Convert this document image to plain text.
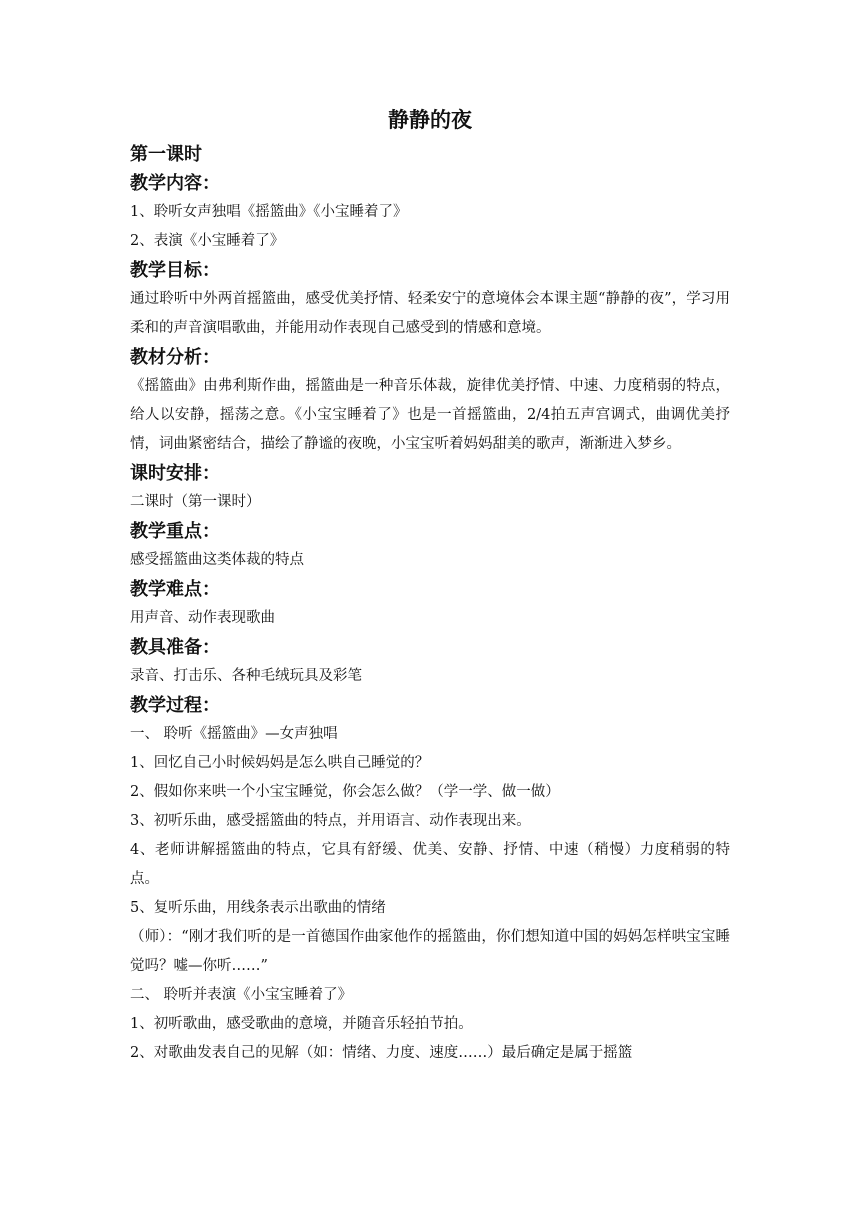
静静的夜
第一课时
教学内容：
1、聆听女声独唱《摇篮曲》《小宝睡着了》
2、表演《小宝睡着了》
教学目标：
通过聆听中外两首摇篮曲，感受优美抒情、轻柔安宁的意境体会本课主题“静静的夜”，学习用柔和的声音演唱歌曲，并能用动作表现自己感受到的情感和意境。
教材分析：
《摇篮曲》由弗利斯作曲，摇篮曲是一种音乐体裁，旋律优美抒情、中速、力度稍弱的特点，给人以安静，摇荡之意。《小宝宝睡着了》也是一首摇篮曲，2/4拍五声宫调式，曲调优美抒情，词曲紧密结合，描绘了静谧的夜晚，小宝宝听着妈妈甜美的歌声，渐渐进入梦乡。
课时安排：
二课时（第一课时）
教学重点：
感受摇篮曲这类体裁的特点
教学难点：
用声音、动作表现歌曲
教具准备：
录音、打击乐、各种毛绒玩具及彩笔
教学过程：
一、 聆听《摇篮曲》—女声独唱
1、回忆自己小时候妈妈是怎么哄自己睡觉的？
2、假如你来哄一个小宝宝睡觉，你会怎么做？（学一学、做一做）
3、初听乐曲，感受摇篮曲的特点，并用语言、动作表现出来。
4、老师讲解摇篮曲的特点，它具有舒缓、优美、安静、抒情、中速（稍慢）力度稍弱的特点。
5、复听乐曲，用线条表示出歌曲的情绪
（师）：“刚才我们听的是一首德国作曲家他作的摇篮曲，你们想知道中国的妈妈怎样哄宝宝睡觉吗？嘘—你听……”
二、 聆听并表演《小宝宝睡着了》
1、初听歌曲，感受歌曲的意境，并随音乐轻拍节拍。
2、对歌曲发表自己的见解（如：情绪、力度、速度……）最后确定是属于摇篮
